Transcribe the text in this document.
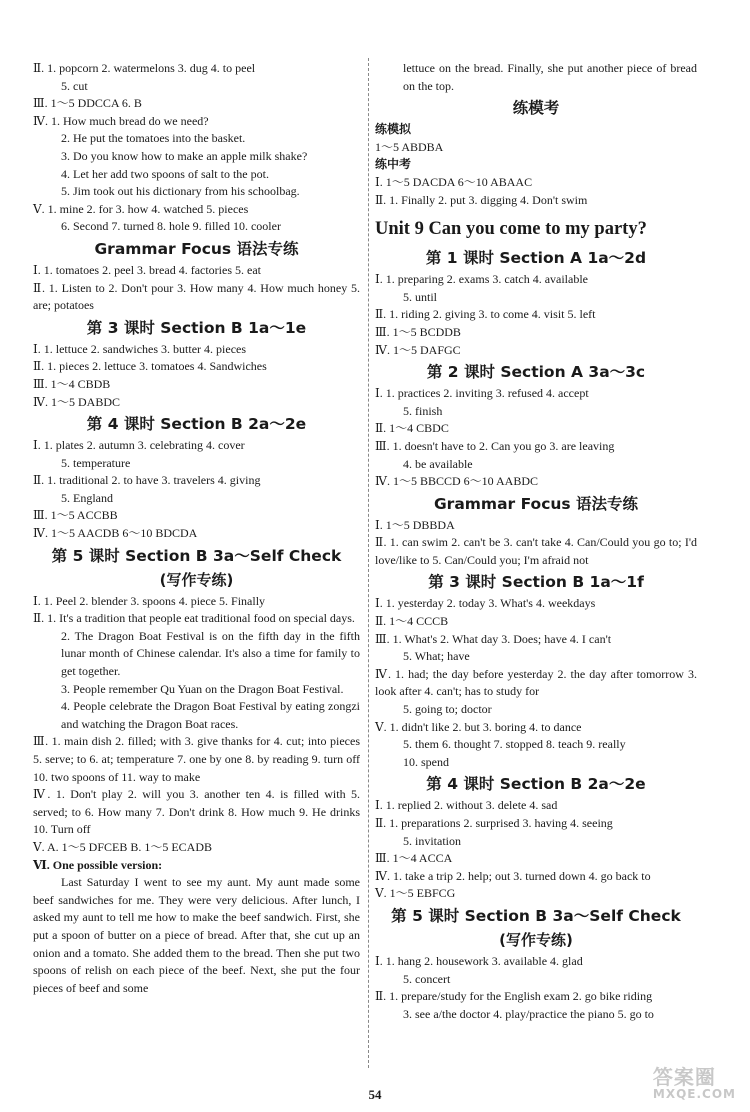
Ⅱ. 1. popcorn 2. watermelons 3. dug 4. to peel
5. cut
Ⅲ. 1～5 DDCCA 6. B
Ⅳ. 1. How much bread do we need?
2. He put the tomatoes into the basket.
3. Do you know how to make an apple milk shake?
4. Let her add two spoons of salt to the pot.
5. Jim took out his dictionary from his schoolbag.
Ⅴ. 1. mine 2. for 3. how 4. watched 5. pieces
6. Second 7. turned 8. hole 9. filled 10. cooler
Grammar Focus 语法专练
Ⅰ. 1. tomatoes 2. peel 3. bread 4. factories 5. eat
Ⅱ. 1. Listen to 2. Don't pour 3. How many 4. How much honey 5. are; potatoes
第 3 课时 Section B 1a～1e
Ⅰ. 1. lettuce 2. sandwiches 3. butter 4. pieces
Ⅱ. 1. pieces 2. lettuce 3. tomatoes 4. Sandwiches
Ⅲ. 1～4 CBDB
Ⅳ. 1～5 DABDC
第 4 课时 Section B 2a～2e
Ⅰ. 1. plates 2. autumn 3. celebrating 4. cover
5. temperature
Ⅱ. 1. traditional 2. to have 3. travelers 4. giving
5. England
Ⅲ. 1～5 ACCBB
Ⅳ. 1～5 AACDB 6～10 BDCDA
第 5 课时 Section B 3a～Self Check
(写作专练)
Ⅰ. 1. Peel 2. blender 3. spoons 4. piece 5. Finally
Ⅱ. 1. It's a tradition that people eat traditional food on special days.
2. The Dragon Boat Festival is on the fifth day in the fifth lunar month of Chinese calendar. It's also a time for family to get together.
3. People remember Qu Yuan on the Dragon Boat Festival.
4. People celebrate the Dragon Boat Festival by eating zongzi and watching the Dragon Boat races.
Ⅲ. 1. main dish 2. filled; with 3. give thanks for 4. cut; into pieces 5. serve; to 6. at; temperature 7. one by one 8. by reading 9. turn off 10. two spoons of 11. way to make
Ⅳ. 1. Don't play 2. will you 3. another ten 4. is filled with 5. served; to 6. How many 7. Don't drink 8. How much 9. He drinks 10. Turn off
Ⅴ. A. 1～5 DFCEB B. 1～5 ECADB
Ⅵ. One possible version:
Last Saturday I went to see my aunt. My aunt made some beef sandwiches for me. They were very delicious. After lunch, I asked my aunt to tell me how to make the beef sandwich. First, she put a spoon of butter on a piece of bread. After that, she cut up an onion and a tomato. She added them to the bread. Then she put two spoons of relish on each piece of the beef. Next, she put the four pieces of beef and some
lettuce on the bread. Finally, she put another piece of bread on the top.
练模考
练模拟
1～5 ABDBA
练中考
Ⅰ. 1～5 DACDA 6～10 ABAAC
Ⅱ. 1. Finally 2. put 3. digging 4. Don't swim
Unit 9 Can you come to my party?
第 1 课时 Section A 1a～2d
Ⅰ. 1. preparing 2. exams 3. catch 4. available
5. until
Ⅱ. 1. riding 2. giving 3. to come 4. visit 5. left
Ⅲ. 1～5 BCDDB
Ⅳ. 1～5 DAFGC
第 2 课时 Section A 3a～3c
Ⅰ. 1. practices 2. inviting 3. refused 4. accept
5. finish
Ⅱ. 1～4 CBDC
Ⅲ. 1. doesn't have to 2. Can you go 3. are leaving
4. be available
Ⅳ. 1～5 BBCCD 6～10 AABDC
Grammar Focus 语法专练
Ⅰ. 1～5 DBBDA
Ⅱ. 1. can swim 2. can't be 3. can't take 4. Can/Could you go to; I'd love/like to 5. Can/Could you; I'm afraid not
第 3 课时 Section B 1a～1f
Ⅰ. 1. yesterday 2. today 3. What's 4. weekdays
Ⅱ. 1～4 CCCB
Ⅲ. 1. What's 2. What day 3. Does; have 4. I can't
5. What; have
Ⅳ. 1. had; the day before yesterday 2. the day after tomorrow 3. look after 4. can't; has to study for
5. going to; doctor
Ⅴ. 1. didn't like 2. but 3. boring 4. to dance
5. them 6. thought 7. stopped 8. teach 9. really
10. spend
第 4 课时 Section B 2a～2e
Ⅰ. 1. replied 2. without 3. delete 4. sad
Ⅱ. 1. preparations 2. surprised 3. having 4. seeing
5. invitation
Ⅲ. 1～4 ACCA
Ⅳ. 1. take a trip 2. help; out 3. turned down 4. go back to
Ⅴ. 1～5 EBFCG
第 5 课时 Section B 3a～Self Check
(写作专练)
Ⅰ. 1. hang 2. housework 3. available 4. glad
5. concert
Ⅱ. 1. prepare/study for the English exam 2. go bike riding
3. see a/the doctor 4. play/practice the piano 5. go to
54
答案圈
MXQE.COM
